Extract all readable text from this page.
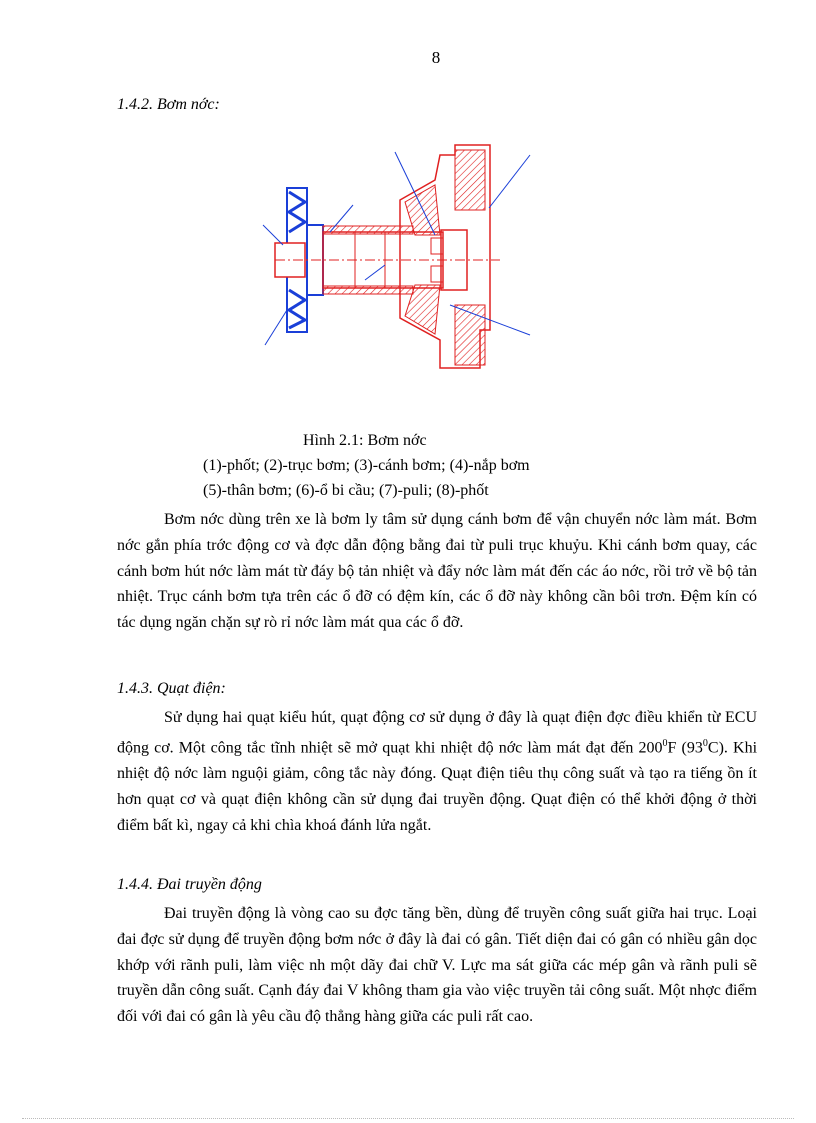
8
1.4.2. Bơm nớc:
Hình 2.1: Bơm nớc
(1)-phốt; (2)-trục bơm; (3)-cánh bơm; (4)-nắp bơm
(5)-thân bơm; (6)-ổ bi cầu; (7)-puli; (8)-phốt

Bơm nớc dùng trên xe là bơm ly tâm sử dụng cánh bơm để vận chuyển nớc làm mát. Bơm nớc gắn phía trớc động cơ và đợc dẫn động bằng đai từ puli trục khuỷu. Khi cánh bơm quay, các cánh bơm hút nớc làm mát từ đáy bộ tản nhiệt và đẩy nớc làm mát đến các áo nớc, rồi trở về bộ tản nhiệt. Trục cánh bơm tựa trên các ổ đỡ có đệm kín, các ổ đỡ này không cần bôi trơn. Đệm kín có tác dụng ngăn chặn sự rò rỉ nớc làm mát qua các ổ đỡ.

1.4.3. Quạt điện:

Sử dụng hai quạt kiểu hút, quạt động cơ sử dụng ở đây là quạt điện đợc điều khiển từ ECU động cơ. Một công tắc tĩnh nhiệt sẽ mở quạt khi nhiệt độ nớc làm mát đạt đến $200^0F$ $(93^0C)$. Khi nhiệt độ nớc làm nguội giảm, công tắc này đóng. Quạt điện tiêu thụ công suất và tạo ra tiếng ồn ít hơn quạt cơ và quạt điện không cần sử dụng đai truyền động. Quạt điện có thể khởi động ở thời điểm bất kì, ngay cả khi chìa khoá đánh lửa ngắt.

1.4.4. Đai truyền động

Đai truyền động là vòng cao su đợc tăng bền, dùng để truyền công suất giữa hai trục. Loại đai đợc sử dụng để truyền động bơm nớc ở đây là đai có gân. Tiết diện đai có gân có nhiều gân dọc khớp với rãnh puli, làm việc nh một dãy đai chữ V. Lực ma sát giữa các mép gân và rãnh puli sẽ truyền dẫn công suất. Cạnh đáy đai V không tham gia vào việc truyền tải công suất. Một nhợc điểm đối với đai có gân là yêu cầu độ thẳng hàng giữa các puli rất cao.
